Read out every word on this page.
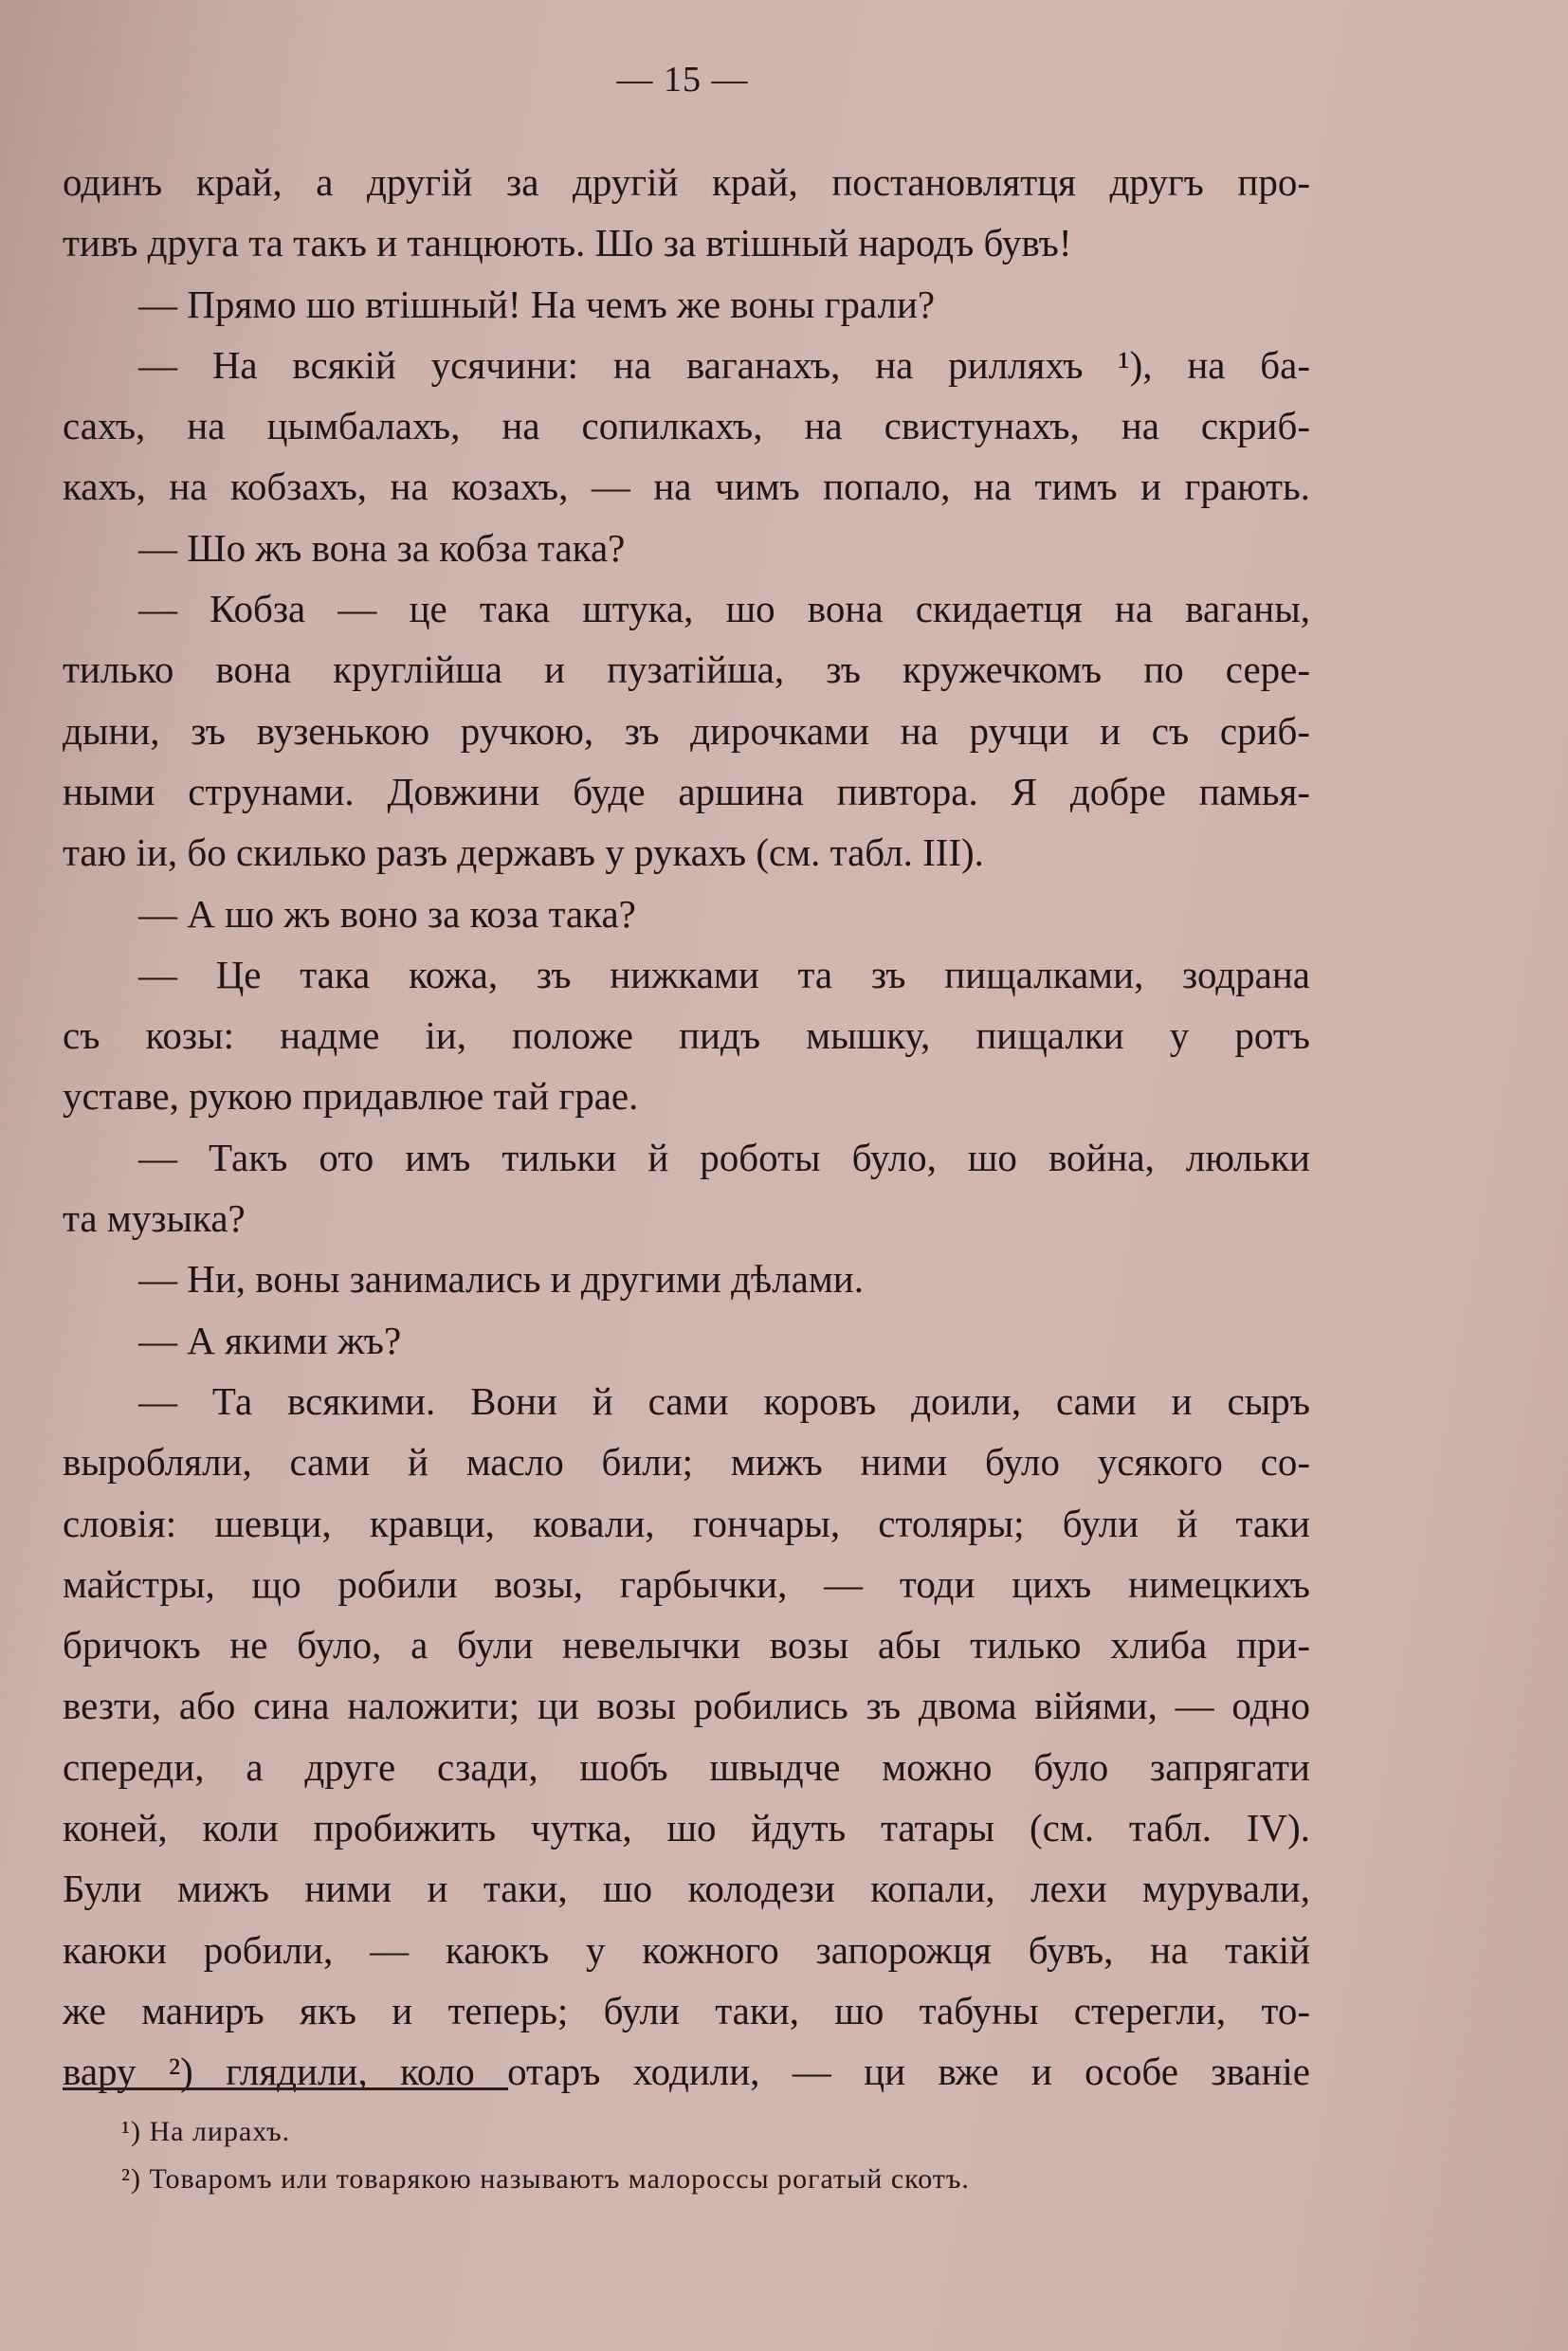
— 15 —
одинъ край, а другій за другій край, постановлятця другъ про-
тивъ друга та такъ и танцюють. Шо за втішный народъ бувъ!
— Прямо шо втішный! На чемъ же воны грали?
— На всякій усячини: на ваганахъ, на рилляхъ ¹), на ба-
сахъ, на цымбалахъ, на сопилкахъ, на свистунахъ, на скриб-
кахъ, на кобзахъ, на козахъ, — на чимъ попало, на тимъ и грають.
— Шо жъ вона за кобза така?
— Кобза — це така штука, шо вона скидаетця на ваганы,
тилько вона круглійша и пузатійша, зъ кружечкомъ по сере-
дыни, зъ вузенькою ручкою, зъ дирочками на ручци и съ сриб-
ными струнами. Довжини буде аршина пивтора. Я добре памья-
таю іи, бо скилько разъ державъ у рукахъ (см. табл. III).
— А шо жъ воно за коза така?
— Це така кожа, зъ нижками та зъ пищалками, зодрана
съ козы: надме іи, положе пидъ мышку, пищалки у ротъ
уставе, рукою придавлюе тай грае.
— Такъ ото имъ тильки й роботы було, шо война, люльки
та музыка?
— Ни, воны занимались и другими дѣлами.
— А якими жъ?
— Та всякими. Вони й сами коровъ доили, сами и сыръ
выробляли, сами й масло били; мижъ ними було усякого со-
словія: шевци, кравци, ковали, гончары, столяры; були й таки
майстры, що робили возы, гарбычки, — тоди цихъ нимецкихъ
бричокъ не було, а були невелычки возы абы тилько хлиба при-
везти, або сина наложити; ци возы робились зъ двома війями, — одно
спереди, а друге сзади, шобъ швыдче можно було запрягати
коней, коли пробижить чутка, шо йдуть татары (см. табл. IV).
Були мижъ ними и таки, шо колодези копали, лехи мурували,
каюки робили, — каюкъ у кожного запорожця бувъ, на такій
же маниръ якъ и теперь; були таки, шо табуны стерегли, то-
вару ²) глядили, коло отаръ ходили, — ци вже и особе званіе
¹) На лирахъ.
²) Товаромъ или товарякою называютъ малороссы рогатый скотъ.
